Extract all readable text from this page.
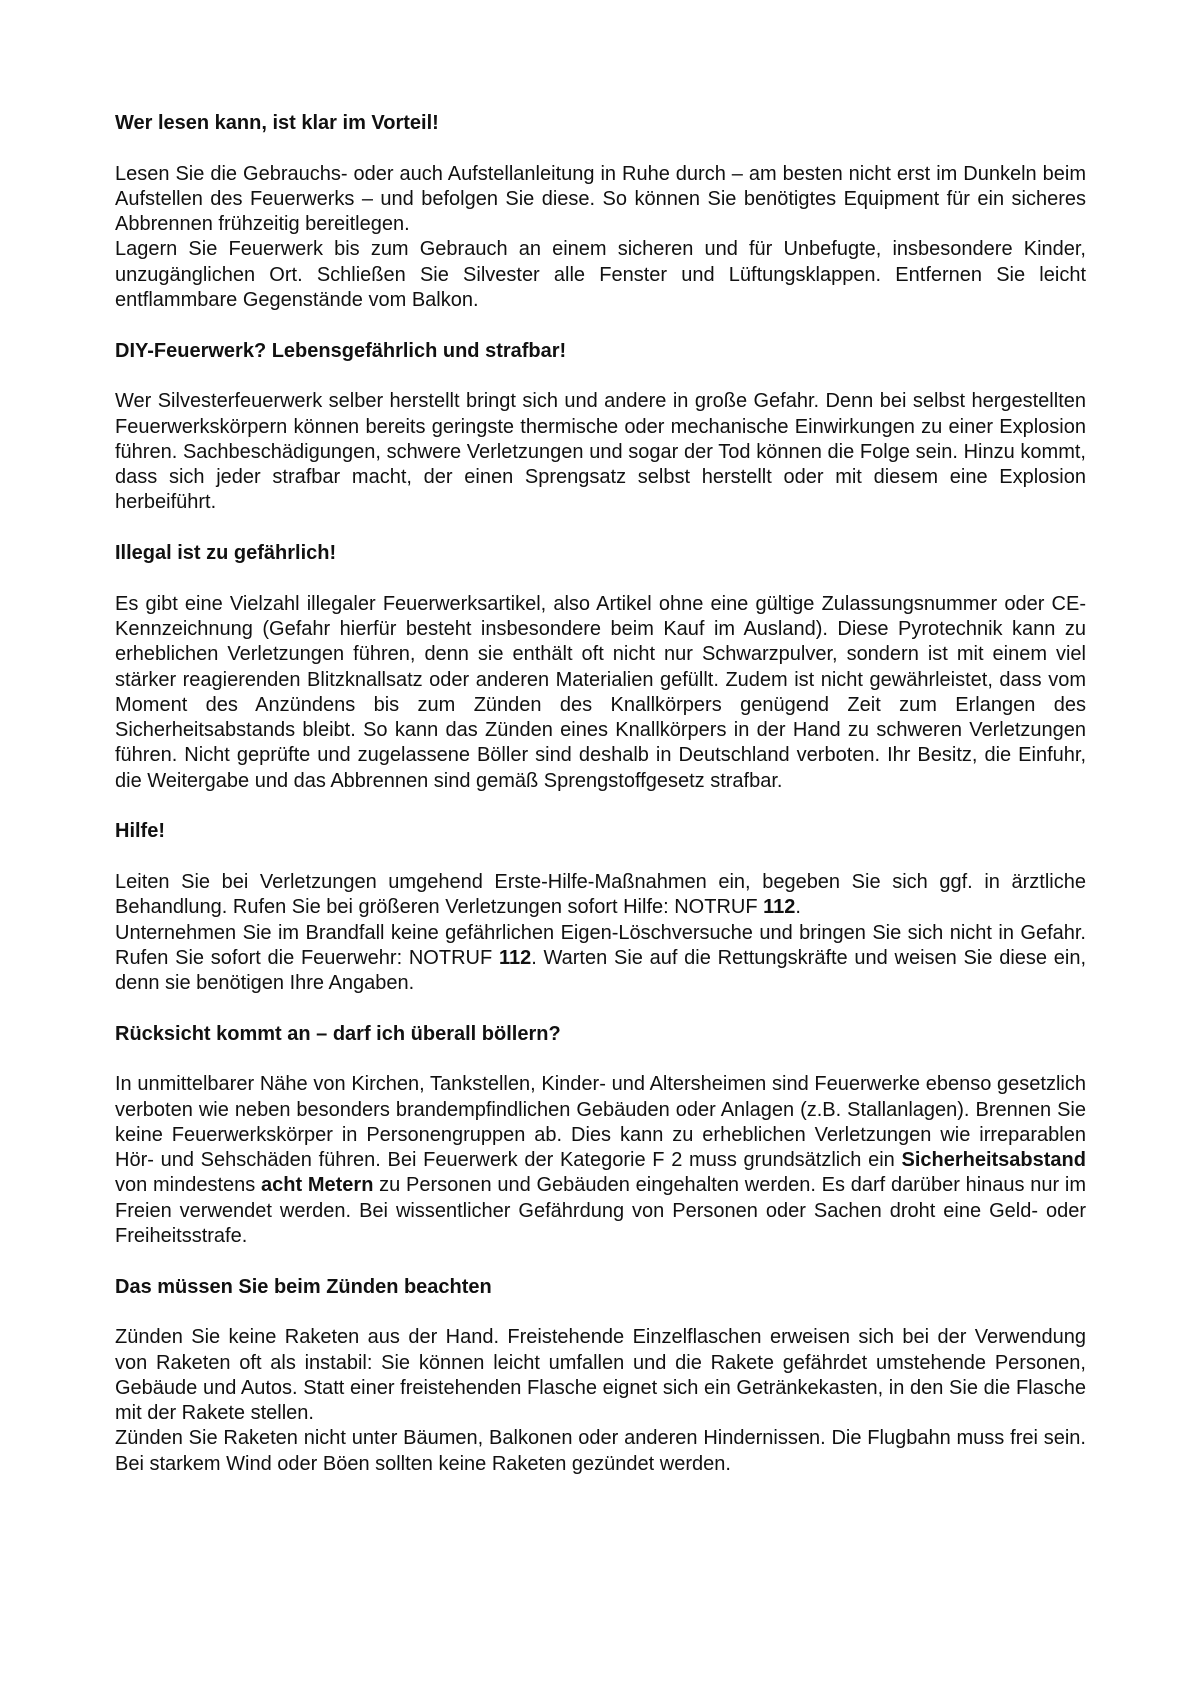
Wer lesen kann, ist klar im Vorteil!

Lesen Sie die Gebrauchs- oder auch Aufstellanleitung in Ruhe durch – am besten nicht erst im Dunkeln beim Aufstellen des Feuerwerks – und befolgen Sie diese. So können Sie benötigtes Equipment für ein sicheres Abbrennen frühzeitig bereitlegen.

Lagern Sie Feuerwerk bis zum Gebrauch an einem sicheren und für Unbefugte, insbesondere Kinder, unzugänglichen Ort. Schließen Sie Silvester alle Fenster und Lüftungsklappen. Entfernen Sie leicht entflammbare Gegenstände vom Balkon.

DIY-Feuerwerk? Lebensgefährlich und strafbar!

Wer Silvesterfeuerwerk selber herstellt bringt sich und andere in große Gefahr. Denn bei selbst hergestellten Feuerwerkskörpern können bereits geringste thermische oder mechanische Einwirkungen zu einer Explosion führen. Sachbeschädigungen, schwere Verletzungen und sogar der Tod können die Folge sein. Hinzu kommt, dass sich jeder strafbar macht, der einen Sprengsatz selbst herstellt oder mit diesem eine Explosion herbeiführt.

Illegal ist zu gefährlich!

Es gibt eine Vielzahl illegaler Feuerwerksartikel, also Artikel ohne eine gültige Zulassungsnummer oder CE-Kennzeichnung (Gefahr hierfür besteht insbesondere beim Kauf im Ausland). Diese Pyrotechnik kann zu erheblichen Verletzungen führen, denn sie enthält oft nicht nur Schwarzpulver, sondern ist mit einem viel stärker reagierenden Blitzknallsatz oder anderen Materialien gefüllt. Zudem ist nicht gewährleistet, dass vom Moment des Anzündens bis zum Zünden des Knallkörpers genügend Zeit zum Erlangen des Sicherheitsabstands bleibt. So kann das Zünden eines Knallkörpers in der Hand zu schweren Verletzungen führen. Nicht geprüfte und zugelassene Böller sind deshalb in Deutschland verboten. Ihr Besitz, die Einfuhr, die Weitergabe und das Abbrennen sind gemäß Sprengstoffgesetz strafbar.

Hilfe!

Leiten Sie bei Verletzungen umgehend Erste-Hilfe-Maßnahmen ein, begeben Sie sich ggf. in ärztliche Behandlung. Rufen Sie bei größeren Verletzungen sofort Hilfe: NOTRUF 112.

Unternehmen Sie im Brandfall keine gefährlichen Eigen-Löschversuche und bringen Sie sich nicht in Gefahr. Rufen Sie sofort die Feuerwehr: NOTRUF 112. Warten Sie auf die Rettungskräfte und weisen Sie diese ein, denn sie benötigen Ihre Angaben.

Rücksicht kommt an – darf ich überall böllern?

In unmittelbarer Nähe von Kirchen, Tankstellen, Kinder- und Altersheimen sind Feuerwerke ebenso gesetzlich verboten wie neben besonders brandempfindlichen Gebäuden oder Anlagen (z.B. Stallanlagen). Brennen Sie keine Feuerwerkskörper in Personengruppen ab. Dies kann zu erheblichen Verletzungen wie irreparablen Hör- und Sehschäden führen. Bei Feuerwerk der Kategorie F 2 muss grundsätzlich ein Sicherheitsabstand von mindestens acht Metern zu Personen und Gebäuden eingehalten werden. Es darf darüber hinaus nur im Freien verwendet werden. Bei wissentlicher Gefährdung von Personen oder Sachen droht eine Geld- oder Freiheitsstrafe.

Das müssen Sie beim Zünden beachten

Zünden Sie keine Raketen aus der Hand. Freistehende Einzelflaschen erweisen sich bei der Verwendung von Raketen oft als instabil: Sie können leicht umfallen und die Rakete gefährdet umstehende Personen, Gebäude und Autos. Statt einer freistehenden Flasche eignet sich ein Getränkekasten, in den Sie die Flasche mit der Rakete stellen.

Zünden Sie Raketen nicht unter Bäumen, Balkonen oder anderen Hindernissen. Die Flugbahn muss frei sein. Bei starkem Wind oder Böen sollten keine Raketen gezündet werden.
